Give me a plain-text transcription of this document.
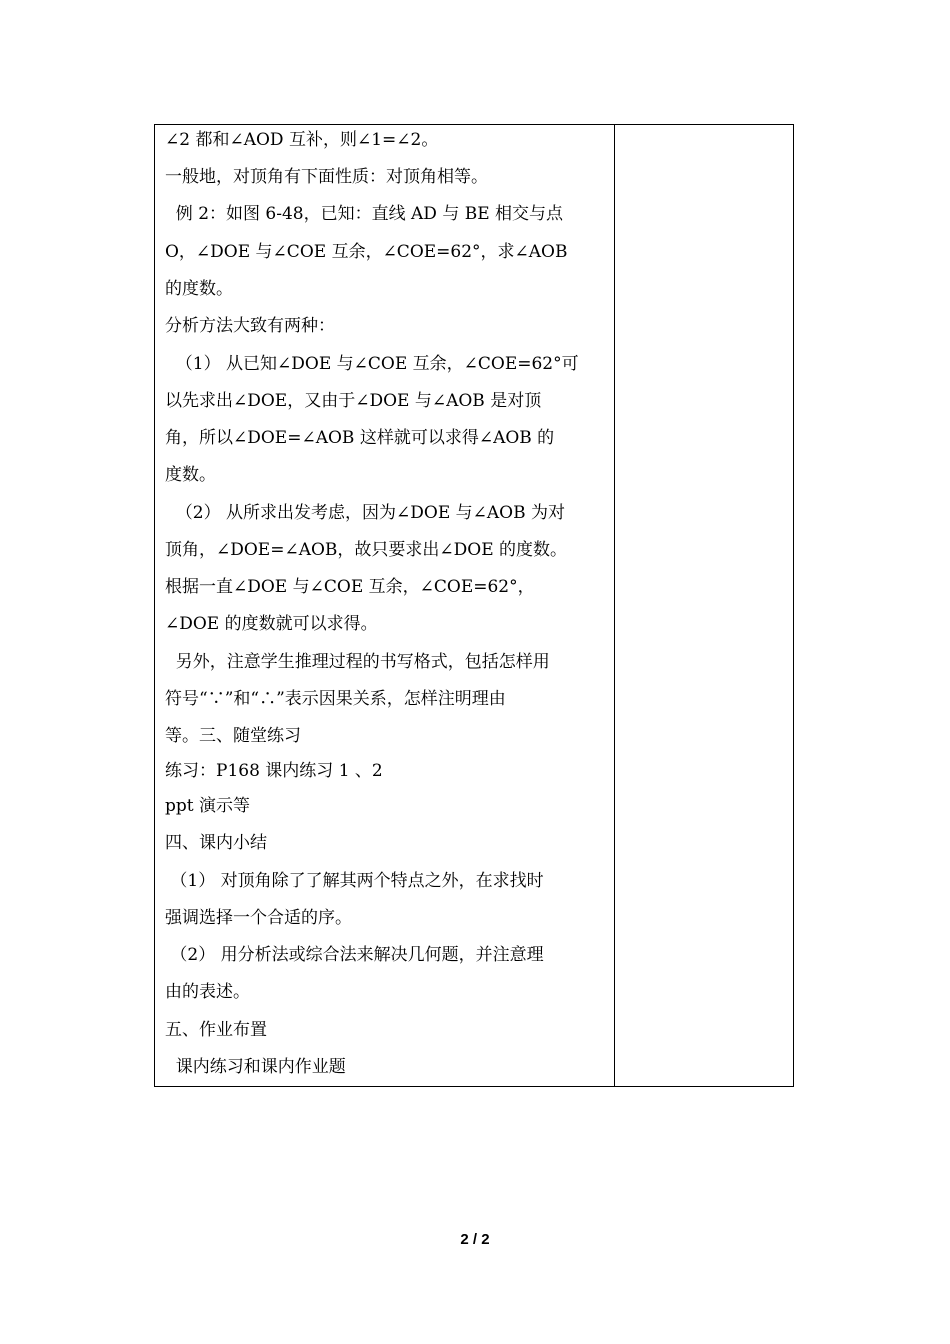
∠2 都和∠AOD 互补，则∠1=∠2。
一般地，对顶角有下面性质：对顶角相等。
例 2：如图 6-48，已知：直线 AD 与 BE 相交与点
O，∠DOE 与∠COE 互余，∠COE=62°，求∠AOB
的度数。
分析方法大致有两种：
（1） 从已知∠DOE 与∠COE 互余，∠COE=62°可
以先求出∠DOE，又由于∠DOE 与∠AOB 是对顶
角，所以∠DOE=∠AOB 这样就可以求得∠AOB 的
度数。
（2） 从所求出发考虑，因为∠DOE 与∠AOB 为对
顶角，∠DOE=∠AOB，故只要求出∠DOE 的度数。
根据一直∠DOE 与∠COE 互余，∠COE=62°，
∠DOE 的度数就可以求得。
另外，注意学生推理过程的书写格式，包括怎样用
符号“∵”和“∴”表示因果关系，怎样注明理由
等。三、随堂练习
练习：P168 课内练习 1 、2
ppt 演示等
四、课内小结
（1） 对顶角除了了解其两个特点之外，在求找时
强调选择一个合适的序。
（2） 用分析法或综合法来解决几何题，并注意理
由的表述。
五、作业布置
课内练习和课内作业题
2 / 2
